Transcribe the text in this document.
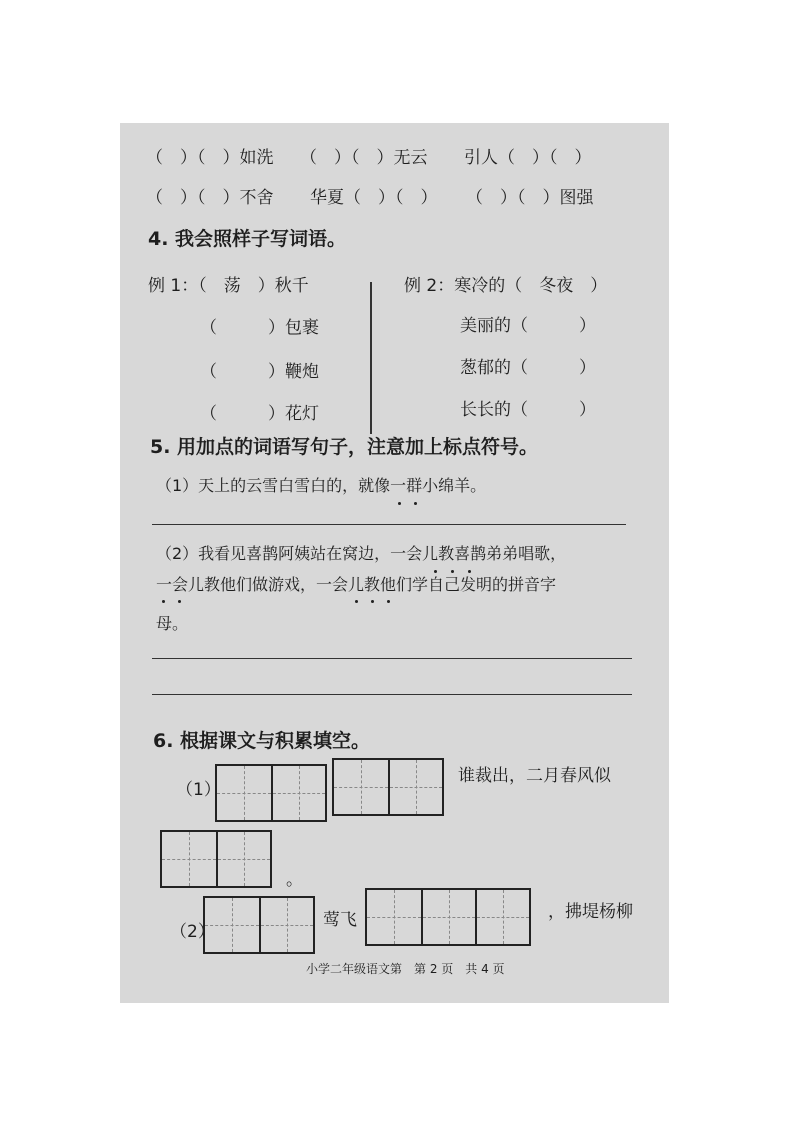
（　）（　）如洗 （　）（　）无云 引人（　）（　）
（　）（　）不舍 华夏（　）（　） （　）（　）图强
4. 我会照样子写词语。
例 1：（　荡　）秋千
（　　　）包裹
（　　　）鞭炮
（　　　）花灯
例 2：寒冷的（　冬夜　）
美丽的（　　　）
葱郁的（　　　）
长长的（　　　）
5. 用加点的词语写句子，注意加上标点符号。
（1）天上的云雪白雪白的，就像一群小绵羊。
（2）我看见喜鹊阿姨站在窝边，一会儿教喜鹊弟弟唱歌，
一会儿教他们做游戏，一会儿教他们学自己发明的拼音字
母。
6. 根据课文与积累填空。
（1）
谁裁出，二月春风似
。
（2）
莺飞	，拂堤杨柳
小学二年级语文第　第 2 页　共 4 页
